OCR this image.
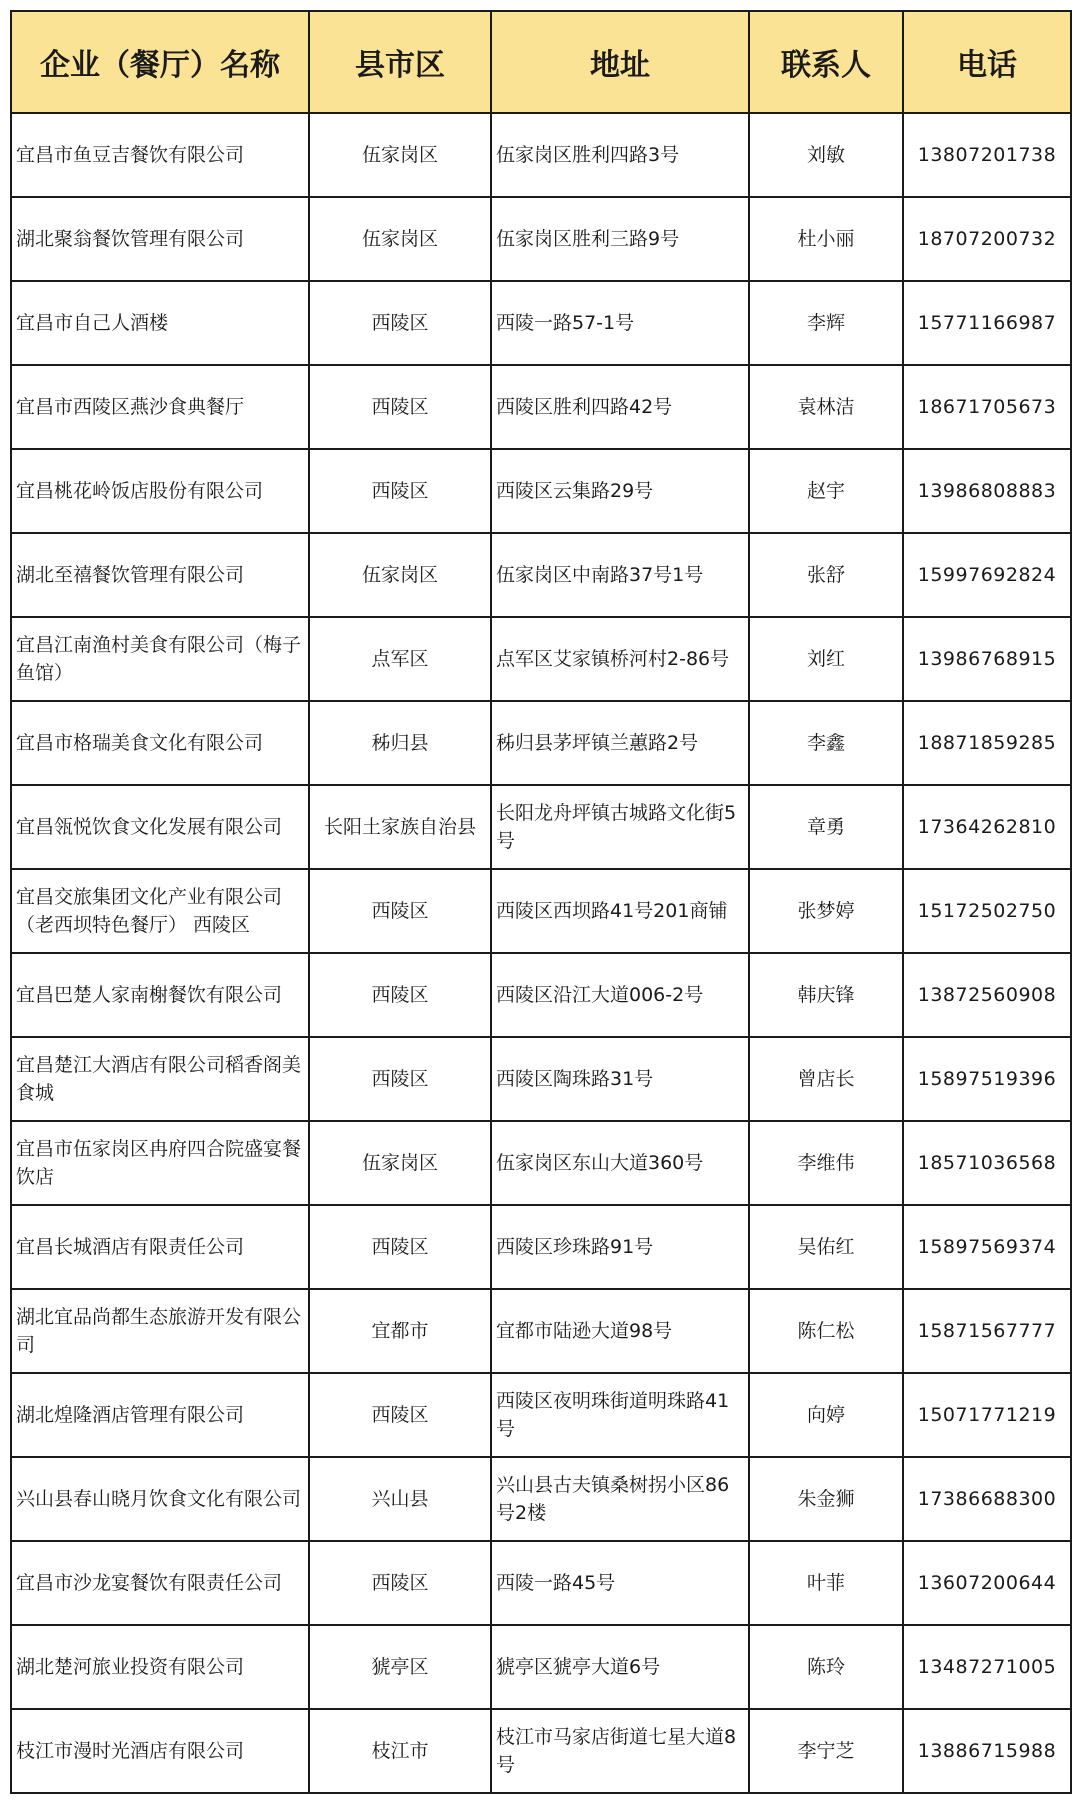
企业（餐厅）名称	县市区	地址	联系人	电话
宜昌市鱼豆吉餐饮有限公司	伍家岗区	伍家岗区胜利四路3号	刘敏	13807201738
湖北聚翁餐饮管理有限公司	伍家岗区	伍家岗区胜利三路9号	杜小丽	18707200732
宜昌市自己人酒楼	西陵区	西陵一路57-1号	李辉	15771166987
宜昌市西陵区燕沙食典餐厅	西陵区	西陵区胜利四路42号	袁林洁	18671705673
宜昌桃花岭饭店股份有限公司	西陵区	西陵区云集路29号	赵宇	13986808883
湖北至禧餐饮管理有限公司	伍家岗区	伍家岗区中南路37号1号	张舒	15997692824
宜昌江南渔村美食有限公司（梅子鱼馆）	点军区	点军区艾家镇桥河村2-86号	刘红	13986768915
宜昌市格瑞美食文化有限公司	秭归县	秭归县茅坪镇兰蕙路2号	李鑫	18871859285
宜昌瓴悦饮食文化发展有限公司	长阳土家族自治县	长阳龙舟坪镇古城路文化街5号	章勇	17364262810
宜昌交旅集团文化产业有限公司（老西坝特色餐厅） 西陵区	西陵区	西陵区西坝路41号201商铺	张梦婷	15172502750
宜昌巴楚人家南榭餐饮有限公司	西陵区	西陵区沿江大道006-2号	韩庆锋	13872560908
宜昌楚江大酒店有限公司稻香阁美食城	西陵区	西陵区陶珠路31号	曾店长	15897519396
宜昌市伍家岗区冉府四合院盛宴餐饮店	伍家岗区	伍家岗区东山大道360号	李维伟	18571036568
宜昌长城酒店有限责任公司	西陵区	西陵区珍珠路91号	吴佑红	15897569374
湖北宜品尚都生态旅游开发有限公司	宜都市	宜都市陆逊大道98号	陈仁松	15871567777
湖北煌隆酒店管理有限公司	西陵区	西陵区夜明珠街道明珠路41号	向婷	15071771219
兴山县春山晓月饮食文化有限公司	兴山县	兴山县古夫镇桑树拐小区86号2楼	朱金狮	17386688300
宜昌市沙龙宴餐饮有限责任公司	西陵区	西陵一路45号	叶菲	13607200644
湖北楚河旅业投资有限公司	猇亭区	猇亭区猇亭大道6号	陈玲	13487271005
枝江市漫时光酒店有限公司	枝江市	枝江市马家店街道七星大道8号	李宁芝	13886715988
